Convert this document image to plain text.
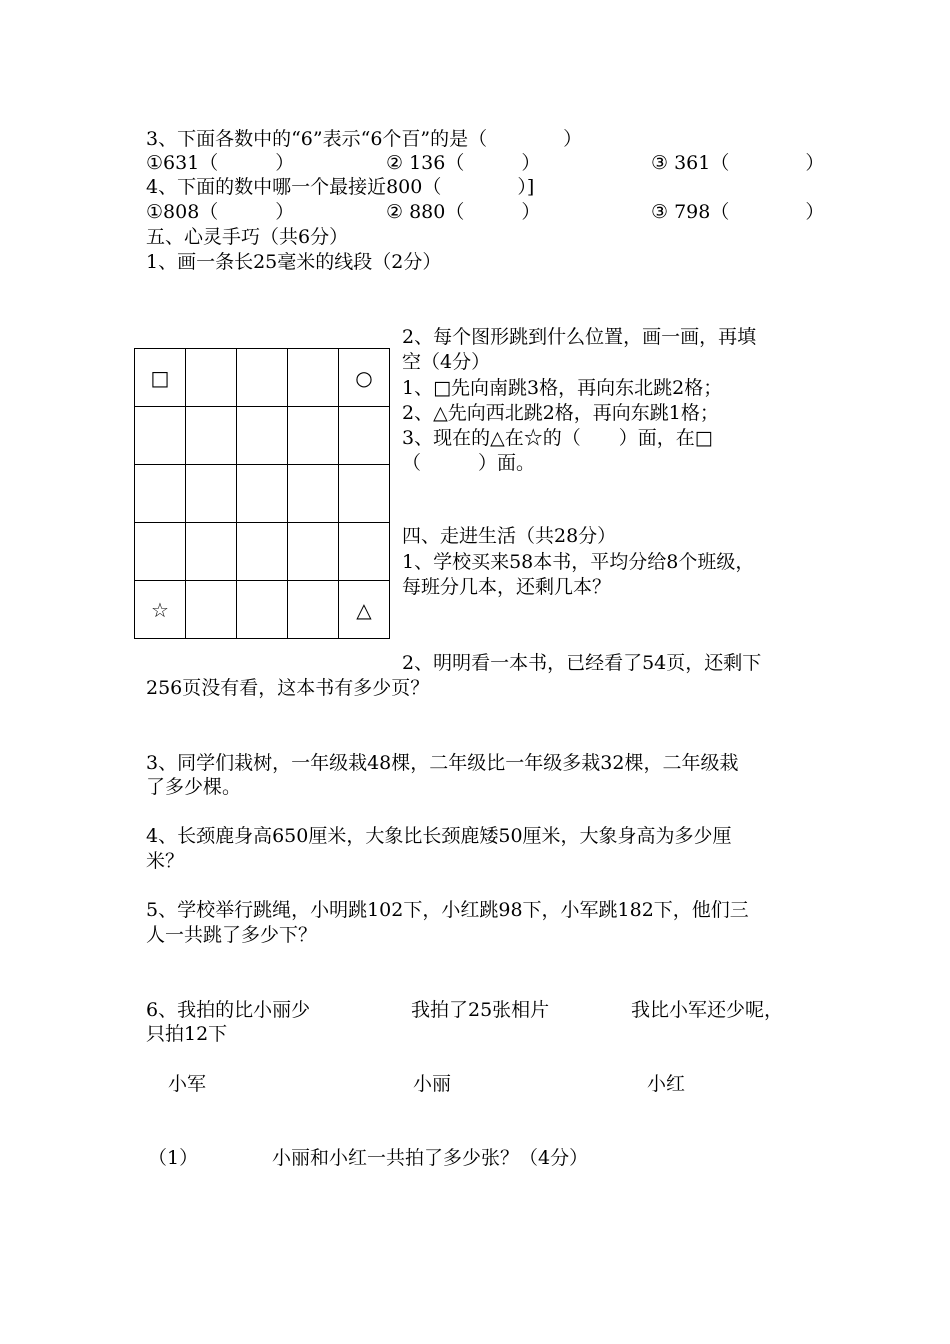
3、下面各数中的“6”表示“6个百”的是（　　　　）
①631（　　　）	② 136（　　　）	③ 361（　　　　）
4、下面的数中哪一个最接近800（　　　　）]
①808（　　　）	② 880（　　　）	③ 798（　　　　）
五、心灵手巧（共6分）
1、画一条长25毫米的线段（2分）
□				○

☆				△
2、每个图形跳到什么位置，画一画，再填
空（4分）
1、□先向南跳3格，再向东北跳2格；
2、△先向西北跳2格，再向东跳1格；
3、现在的△在☆的（　　）面，在□
（　　　）面。
四、走进生活（共28分）
1、学校买来58本书，平均分给8个班级，
每班分几本，还剩几本？
2、明明看一本书，已经看了54页，还剩下
256页没有看，这本书有多少页？
3、同学们栽树，一年级栽48棵，二年级比一年级多栽32棵，二年级栽
了多少棵。
4、长颈鹿身高650厘米，大象比长颈鹿矮50厘米，大象身高为多少厘
米？
5、学校举行跳绳，小明跳102下，小红跳98下，小军跳182下，他们三
人一共跳了多少下？
6、我拍的比小丽少	我拍了25张相片	我比小军还少呢，
只拍12下
小军	小丽	小红
（1）	小丽和小红一共拍了多少张？（4分）
